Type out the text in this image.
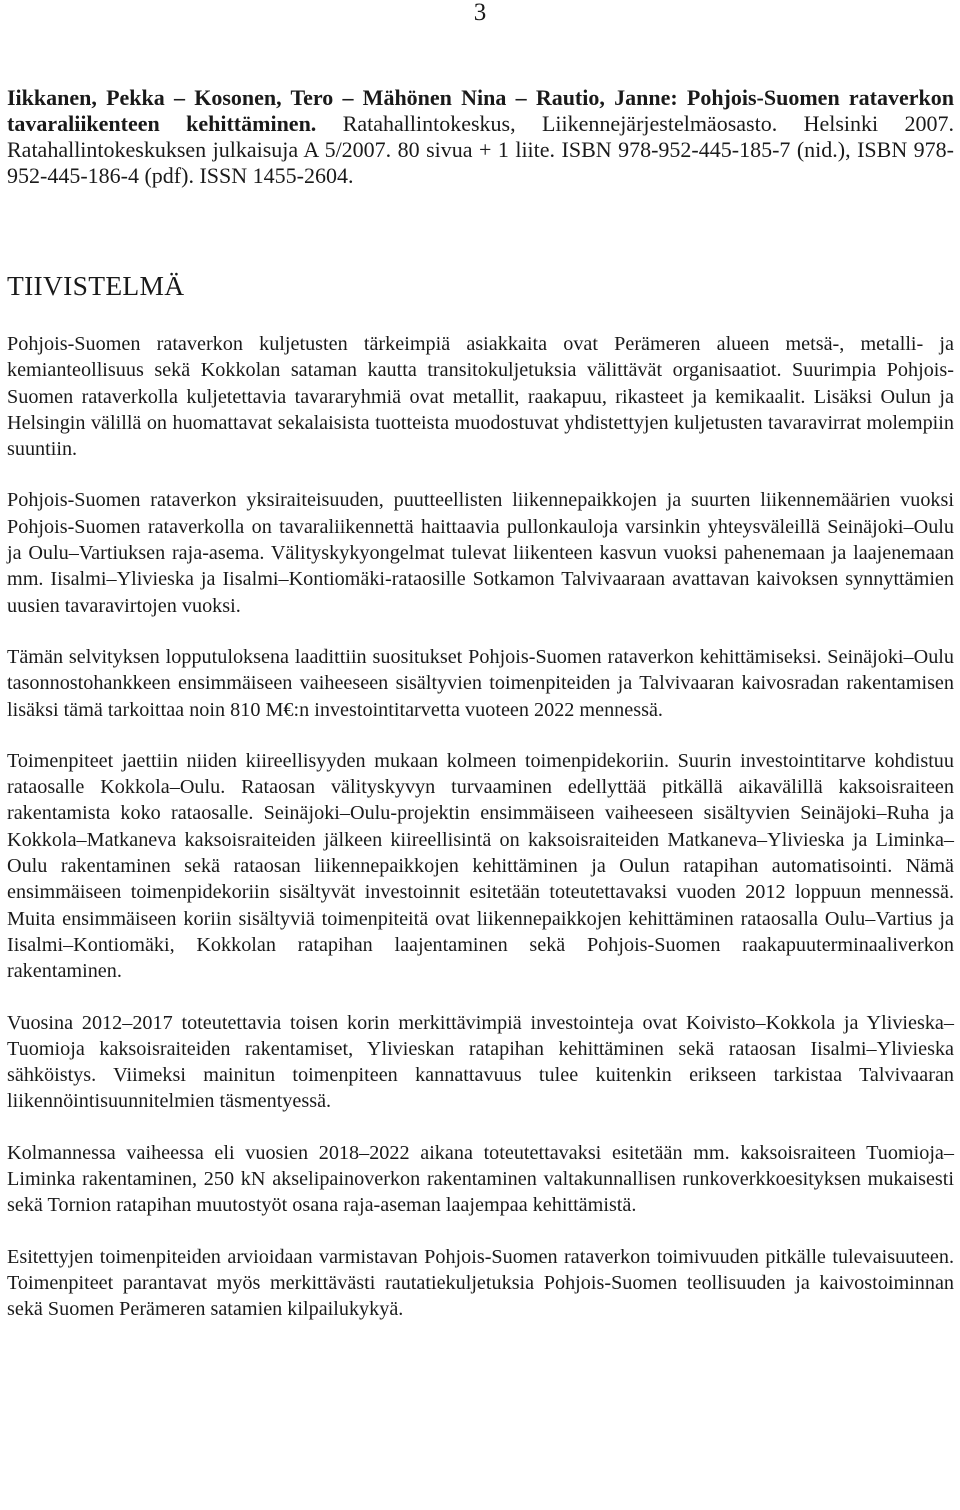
3

Iikkanen, Pekka – Kosonen, Tero – Mähönen Nina – Rautio, Janne: Pohjois-Suomen rataverkon tavaraliikenteen kehittäminen. Ratahallintokeskus, Liikennejärjestelmäosasto. Helsinki 2007. Ratahallintokeskuksen julkaisuja A 5/2007. 80 sivua + 1 liite. ISBN 978-952-445-185-7 (nid.), ISBN 978-952-445-186-4 (pdf). ISSN 1455-2604.

TIIVISTELMÄ

Pohjois-Suomen rataverkon kuljetusten tärkeimpiä asiakkaita ovat Perämeren alueen metsä-, metalli- ja kemianteollisuus sekä Kokkolan sataman kautta transitokuljetuksia välittävät organisaatiot. Suurimpia Pohjois-Suomen rataverkolla kuljetettavia tavararyhmiä ovat metallit, raakapuu, rikasteet ja kemikaalit. Lisäksi Oulun ja Helsingin välillä on huomattavat sekalaisista tuotteista muodostuvat yhdistettyjen kuljetusten tavaravirrat molempiin suuntiin.

Pohjois-Suomen rataverkon yksiraiteisuuden, puutteellisten liikennepaikkojen ja suurten liikennemäärien vuoksi Pohjois-Suomen rataverkolla on tavaraliikennettä haittaavia pullonkauloja varsinkin yhteysväleillä Seinäjoki–Oulu ja Oulu–Vartiuksen raja-asema. Välityskykyongelmat tulevat liikenteen kasvun vuoksi pahenemaan ja laajenemaan mm. Iisalmi–Ylivieska ja Iisalmi–Kontiomäki-rataosille Sotkamon Talvivaaraan avattavan kaivoksen synnyttämien uusien tavaravirtojen vuoksi.

Tämän selvityksen lopputuloksena laadittiin suositukset Pohjois-Suomen rataverkon kehittämiseksi. Seinäjoki–Oulu tasonnostohankkeen ensimmäiseen vaiheeseen sisältyvien toimenpiteiden ja Talvivaaran kaivosradan rakentamisen lisäksi tämä tarkoittaa noin 810 M€:n investointitarvetta vuoteen 2022 mennessä.

Toimenpiteet jaettiin niiden kiireellisyyden mukaan kolmeen toimenpidekoriin. Suurin investointitarve kohdistuu rataosalle Kokkola–Oulu. Rataosan välityskyvyn turvaaminen edellyttää pitkällä aikavälillä kaksoisraiteen rakentamista koko rataosalle. Seinäjoki–Oulu-projektin ensimmäiseen vaiheeseen sisältyvien Seinäjoki–Ruha ja Kokkola–Matkaneva kaksoisraiteiden jälkeen kiireellisintä on kaksoisraiteiden Matkaneva–Ylivieska ja Liminka–Oulu rakentaminen sekä rataosan liikennepaikkojen kehittäminen ja Oulun ratapihan automatisointi. Nämä ensimmäiseen toimenpidekoriin sisältyvät investoinnit esitetään toteutettavaksi vuoden 2012 loppuun mennessä. Muita ensimmäiseen koriin sisältyviä toimenpiteitä ovat liikennepaikkojen kehittäminen rataosalla Oulu–Vartius ja Iisalmi–Kontiomäki, Kokkolan ratapihan laajentaminen sekä Pohjois-Suomen raakapuuterminaaliverkon rakentaminen.

Vuosina 2012–2017 toteutettavia toisen korin merkittävimpiä investointeja ovat Koivisto–Kokkola ja Ylivieska–Tuomioja kaksoisraiteiden rakentamiset, Ylivieskan ratapihan kehittäminen sekä rataosan Iisalmi–Ylivieska sähköistys. Viimeksi mainitun toimenpiteen kannattavuus tulee kuitenkin erikseen tarkistaa Talvivaaran liikennöintisuunnitelmien täsmentyessä.

Kolmannessa vaiheessa eli vuosien 2018–2022 aikana toteutettavaksi esitetään mm. kaksoisraiteen Tuomioja–Liminka rakentaminen, 250 kN akselipainoverkon rakentaminen valtakunnallisen runkoverkkoesityksen mukaisesti sekä Tornion ratapihan muutostyöt osana raja-aseman laajempaa kehittämistä.

Esitettyjen toimenpiteiden arvioidaan varmistavan Pohjois-Suomen rataverkon toimivuuden pitkälle tulevaisuuteen. Toimenpiteet parantavat myös merkittävästi rautatiekuljetuksia Pohjois-Suomen teollisuuden ja kaivostoiminnan sekä Suomen Perämeren satamien kilpailukykyä.
